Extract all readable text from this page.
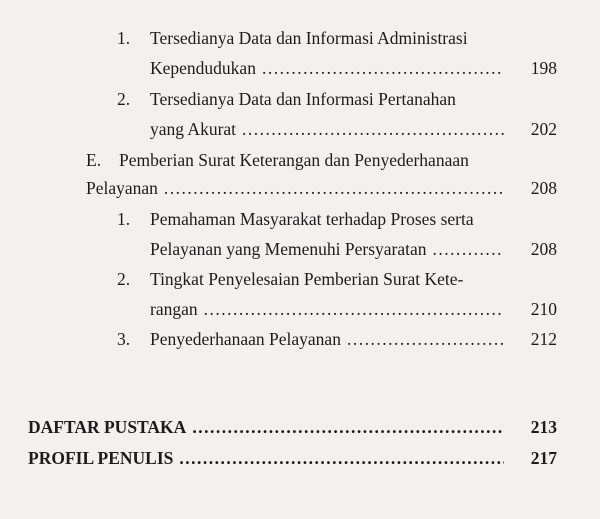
1. Tersedianya Data dan Informasi Administrasi
Kependudukan .....	198
2. Tersedianya Data dan Informasi Pertanahan
yang Akurat .....	202
E. Pemberian Surat Keterangan dan Penyederhanaan
Pelayanan .....	208
1. Pemahaman Masyarakat terhadap Proses serta
Pelayanan yang Memenuhi Persyaratan .....	208
2. Tingkat Penyelesaian Pemberian Surat Kete-
rangan .....	210
3. Penyederhanaan Pelayanan .....	212
DAFTAR PUSTAKA .....	213
PROFIL PENULIS .....	217
